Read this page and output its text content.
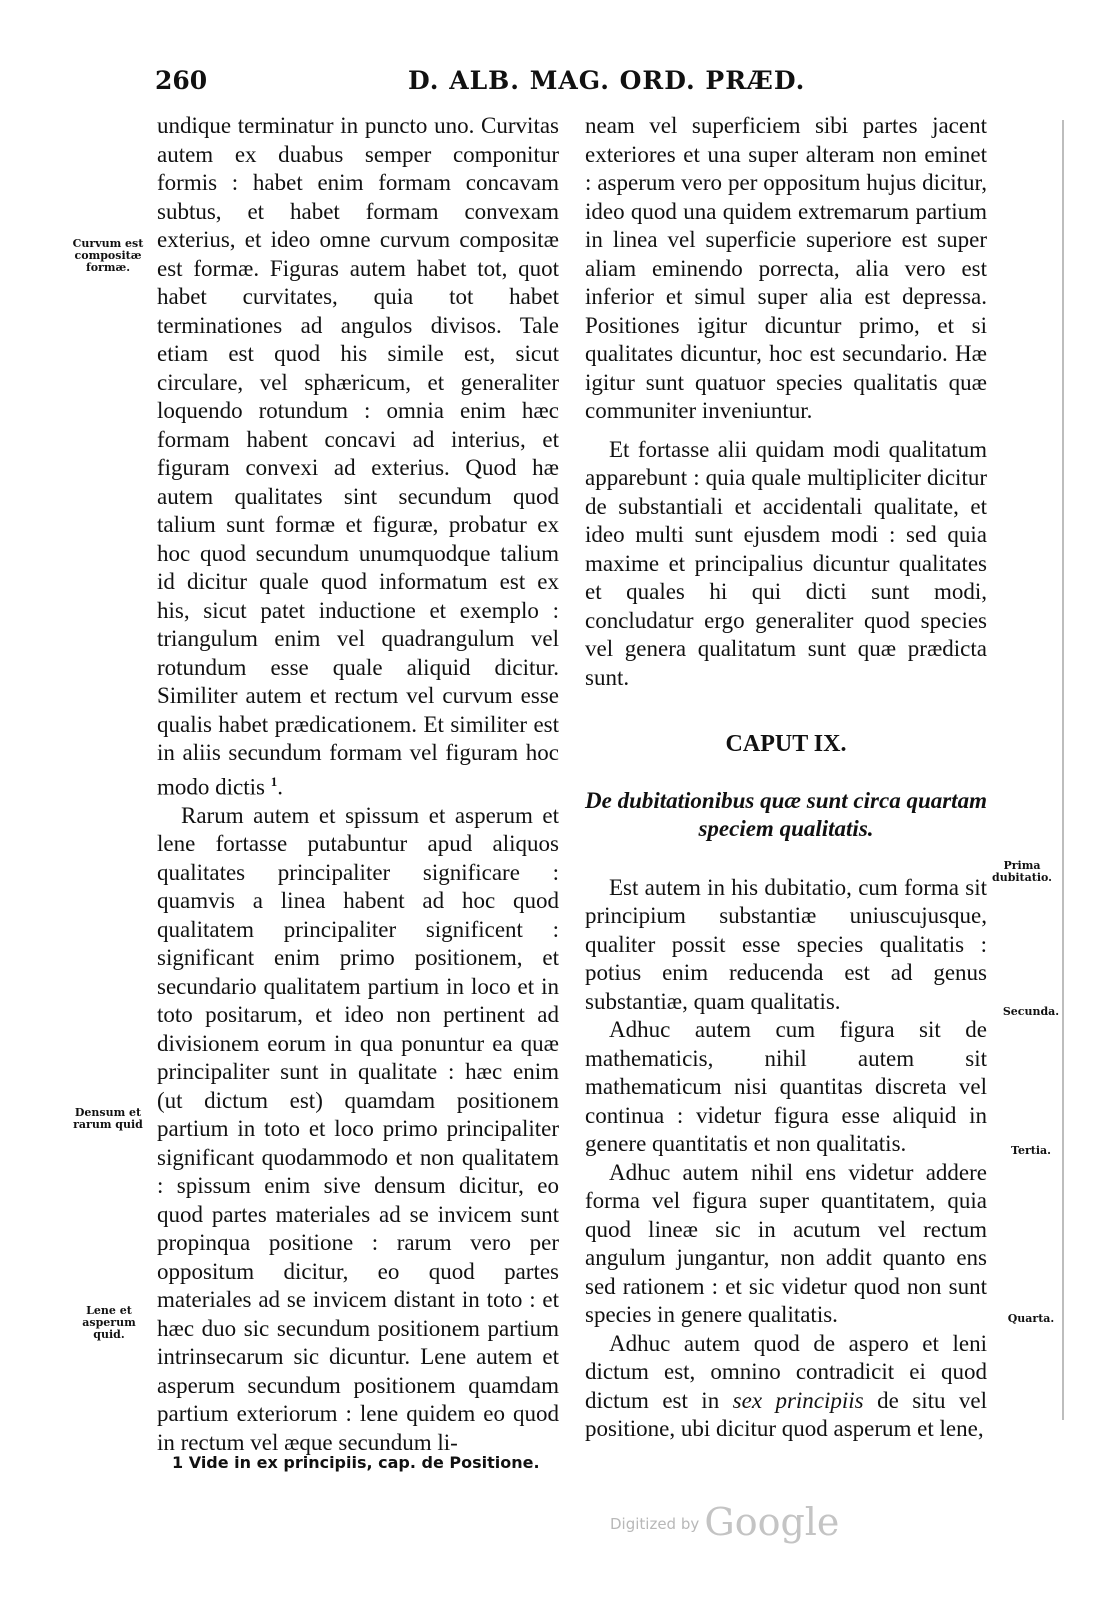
260	D. ALB. MAG. ORD. PRÆD.

undique terminatur in puncto uno. Curvitas autem ex duabus semper componitur formis : habet enim formam concavam subtus, et habet formam convexam exterius, et ideo omne curvum compositæ est formæ. Figuras autem habet tot, quot habet curvitates, quia tot habet terminationes ad angulos divisos. Tale etiam est quod his simile est, sicut circulare, vel sphæricum, et generaliter loquendo rotundum : omnia enim hæc formam habent concavi ad interius, et figuram convexi ad exterius. Quod hæ autem qualitates sint secundum quod talium sunt formæ et figuræ, probatur ex hoc quod secundum unumquodque talium id dicitur quale quod informatum est ex his, sicut patet inductione et exemplo : triangulum enim vel quadrangulum vel rotundum esse quale aliquid dicitur. Similiter autem et rectum vel curvum esse qualis habet prædicationem. Et similiter est in aliis secundum formam vel figuram hoc modo dictis $^1$.

Rarum autem et spissum et asperum et lene fortasse putabuntur apud aliquos qualitates principaliter significare : quamvis a linea habent ad hoc quod qualitatem principaliter significent : significant enim primo positionem, et secundario qualitatem partium in loco et in toto positarum, et ideo non pertinent ad divisionem eorum in qua ponuntur ea quæ principaliter sunt in qualitate : hæc enim (ut dictum est) quamdam positionem partium in toto et loco primo principaliter significant quodammodo et non qualitatem : spissum enim sive densum dicitur, eo quod partes materiales ad se invicem sunt propinqua positione : rarum vero per oppositum dicitur, eo quod partes materiales ad se invicem distant in toto : et hæc duo sic secundum positionem partium intrinsecarum sic dicuntur. Lene autem et asperum secundum positionem quamdam partium exteriorum : lene quidem eo quod in rectum vel æque secundum li-

neam vel superficiem sibi partes jacent exteriores et una super alteram non eminet : asperum vero per oppositum hujus dicitur, ideo quod una quidem extremarum partium in linea vel superficie superiore est super aliam eminendo porrecta, alia vero est inferior et simul super alia est depressa. Positiones igitur dicuntur primo, et si qualitates dicuntur, hoc est secundario. Hæ igitur sunt quatuor species qualitatis quæ communiter inveniuntur.

Et fortasse alii quidam modi qualitatum apparebunt : quia quale multipliciter dicitur de substantiali et accidentali qualitate, et ideo multi sunt ejusdem modi : sed quia maxime et principalius dicuntur qualitates et quales hi qui dicti sunt modi, concludatur ergo generaliter quod species vel genera qualitatum sunt quæ prædicta sunt.

CAPUT IX.

De dubitationibus quæ sunt circa quartam speciem qualitatis.

Est autem in his dubitatio, cum forma sit principium substantiæ uniuscujusque, qualiter possit esse species qualitatis : potius enim reducenda est ad genus substantiæ, quam qualitatis.

Adhuc autem cum figura sit de mathematicis, nihil autem sit mathematicum nisi quantitas discreta vel continua : videtur figura esse aliquid in genere quantitatis et non qualitatis.

Adhuc autem nihil ens videtur addere forma vel figura super quantitatem, quia quod lineæ sic in acutum vel rectum angulum jungantur, non addit quanto ens sed rationem : et sic videtur quod non sunt species in genere qualitatis.

Adhuc autem quod de aspero et leni dictum est, omnino contradicit ei quod dictum est in sex principiis de situ vel positione, ubi dicitur quod asperum et lene,

Curvum est compositæ formæ.
Densum et rarum quid
Lene et asperum quid.
Prima dubitatio.
Secunda.
Tertia.
Quarta.
1 Vide in ex principiis, cap. de Positione.
Digitized by Google
